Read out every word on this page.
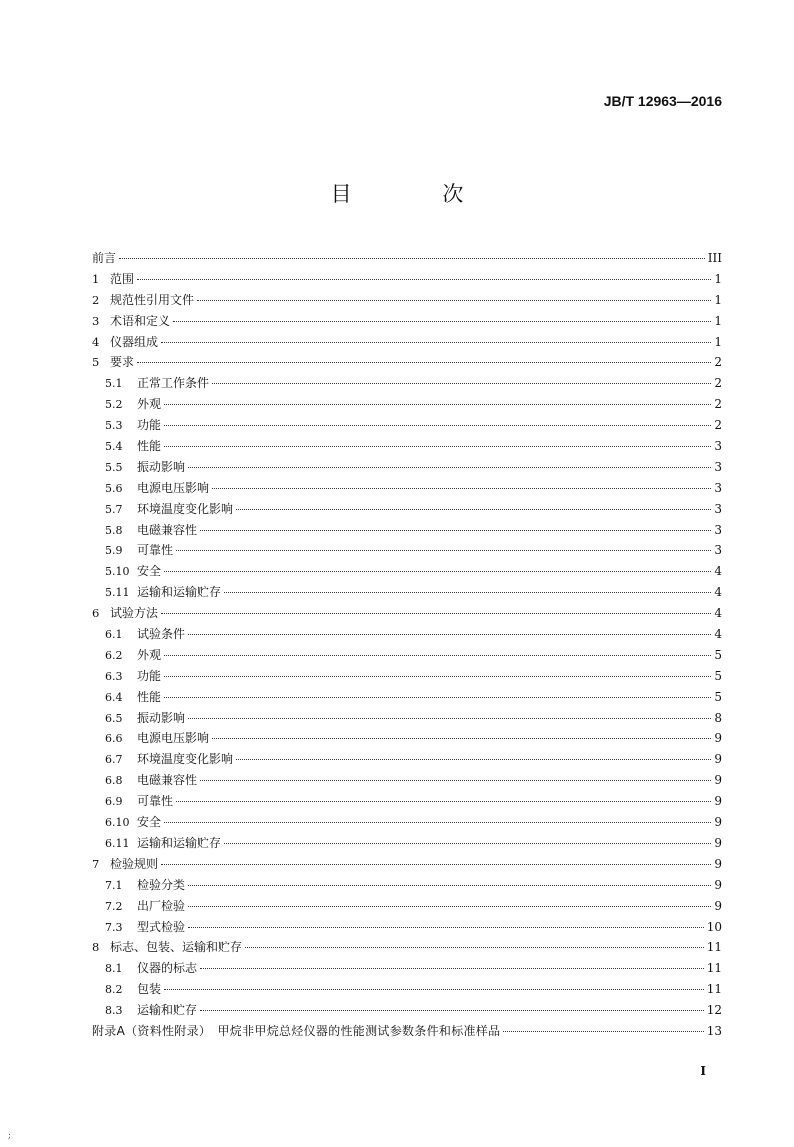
JB/T 12963—2016
目 次
前言	III
1 范围	1
2 规范性引用文件	1
3 术语和定义	1
4 仪器组成	1
5 要求	2
5.1	正常工作条件	2
5.2	外观	2
5.3	功能	2
5.4	性能	3
5.5	振动影响	3
5.6	电源电压影响	3
5.7	环境温度变化影响	3
5.8	电磁兼容性	3
5.9	可靠性	3
5.10 安全	4
5.11 运输和运输贮存	4
6 试验方法	4
6.1	试验条件	4
6.2	外观	5
6.3	功能	5
6.4	性能	5
6.5	振动影响	8
6.6	电源电压影响	9
6.7	环境温度变化影响	9
6.8	电磁兼容性	9
6.9	可靠性	9
6.10 安全	9
6.11 运输和运输贮存	9
7 检验规则	9
7.1	检验分类	9
7.2	出厂检验	9
7.3	型式检验	10
8 标志、包装、运输和贮存	11
8.1	仪器的标志	11
8.2	包装	11
8.3	运输和贮存	12
附录A（资料性附录）　甲烷非甲烷总烃仪器的性能测试参数条件和标准样品	13
I
;
